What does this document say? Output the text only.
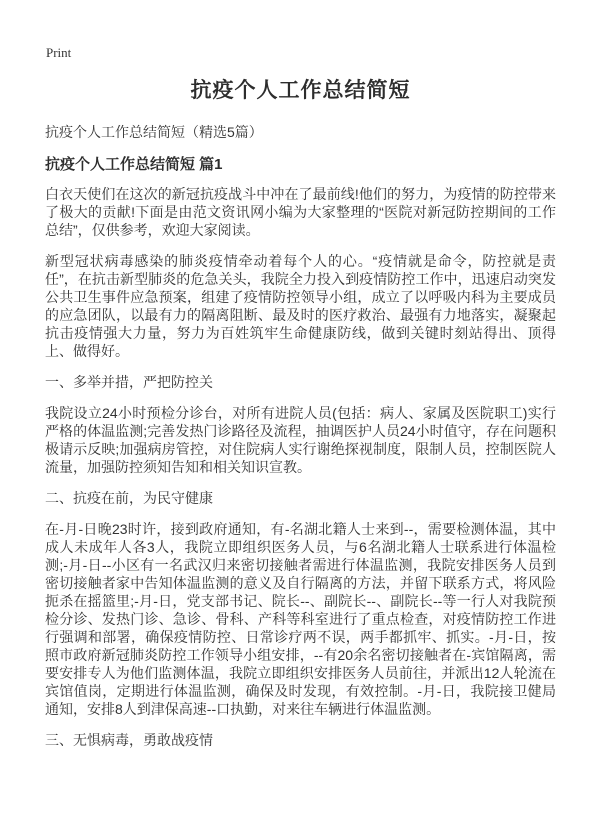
Print
抗疫个人工作总结简短
抗疫个人工作总结简短（精选5篇）
抗疫个人工作总结简短 篇1

白衣天使们在这次的新冠抗疫战斗中冲在了最前线!他们的努力，为疫情的防控带来了极大的贡献!下面是由范文资讯网小编为大家整理的“医院对新冠防控期间的工作总结”，仅供参考，欢迎大家阅读。

新型冠状病毒感染的肺炎疫情牵动着每个人的心。“疫情就是命令，防控就是责任”，在抗击新型肺炎的危急关头，我院全力投入到疫情防控工作中，迅速启动突发公共卫生事件应急预案，组建了疫情防控领导小组，成立了以呼吸内科为主要成员的应急团队，以最有力的隔离阻断、最及时的医疗救治、最强有力地落实，凝聚起抗击疫情强大力量，努力为百姓筑牢生命健康防线，做到关键时刻站得出、顶得上、做得好。

一、多举并措，严把防控关

我院设立24小时预检分诊台，对所有进院人员(包括：病人、家属及医院职工)实行严格的体温监测;完善发热门诊路径及流程，抽调医护人员24小时值守，存在问题积极请示反映;加强病房管控，对住院病人实行谢绝探视制度，限制人员，控制医院人流量，加强防控须知告知和相关知识宣教。

二、抗疫在前，为民守健康

在-月-日晚23时许，接到政府通知，有-名湖北籍人士来到--，需要检测体温，其中成人未成年人各3人，我院立即组织医务人员，与6名湖北籍人士联系进行体温检测;-月-日--小区有一名武汉归来密切接触者需进行体温监测，我院安排医务人员到密切接触者家中告知体温监测的意义及自行隔离的方法，并留下联系方式，将风险扼杀在摇篮里;-月-日，党支部书记、院长--、副院长--、副院长--等一行人对我院预检分诊、发热门诊、急诊、骨科、产科等科室进行了重点检查，对疫情防控工作进行强调和部署，确保疫情防控、日常诊疗两不误，两手都抓牢、抓实。-月-日，按照市政府新冠肺炎防控工作领导小组安排，--有20余名密切接触者在-宾馆隔离，需要安排专人为他们监测体温，我院立即组织安排医务人员前往，并派出12人轮流在宾馆值岗，定期进行体温监测，确保及时发现，有效控制。-月-日，我院接卫健局通知，安排8人到津保高速--口执勤，对来往车辆进行体温监测。

三、无惧病毒，勇敢战疫情
